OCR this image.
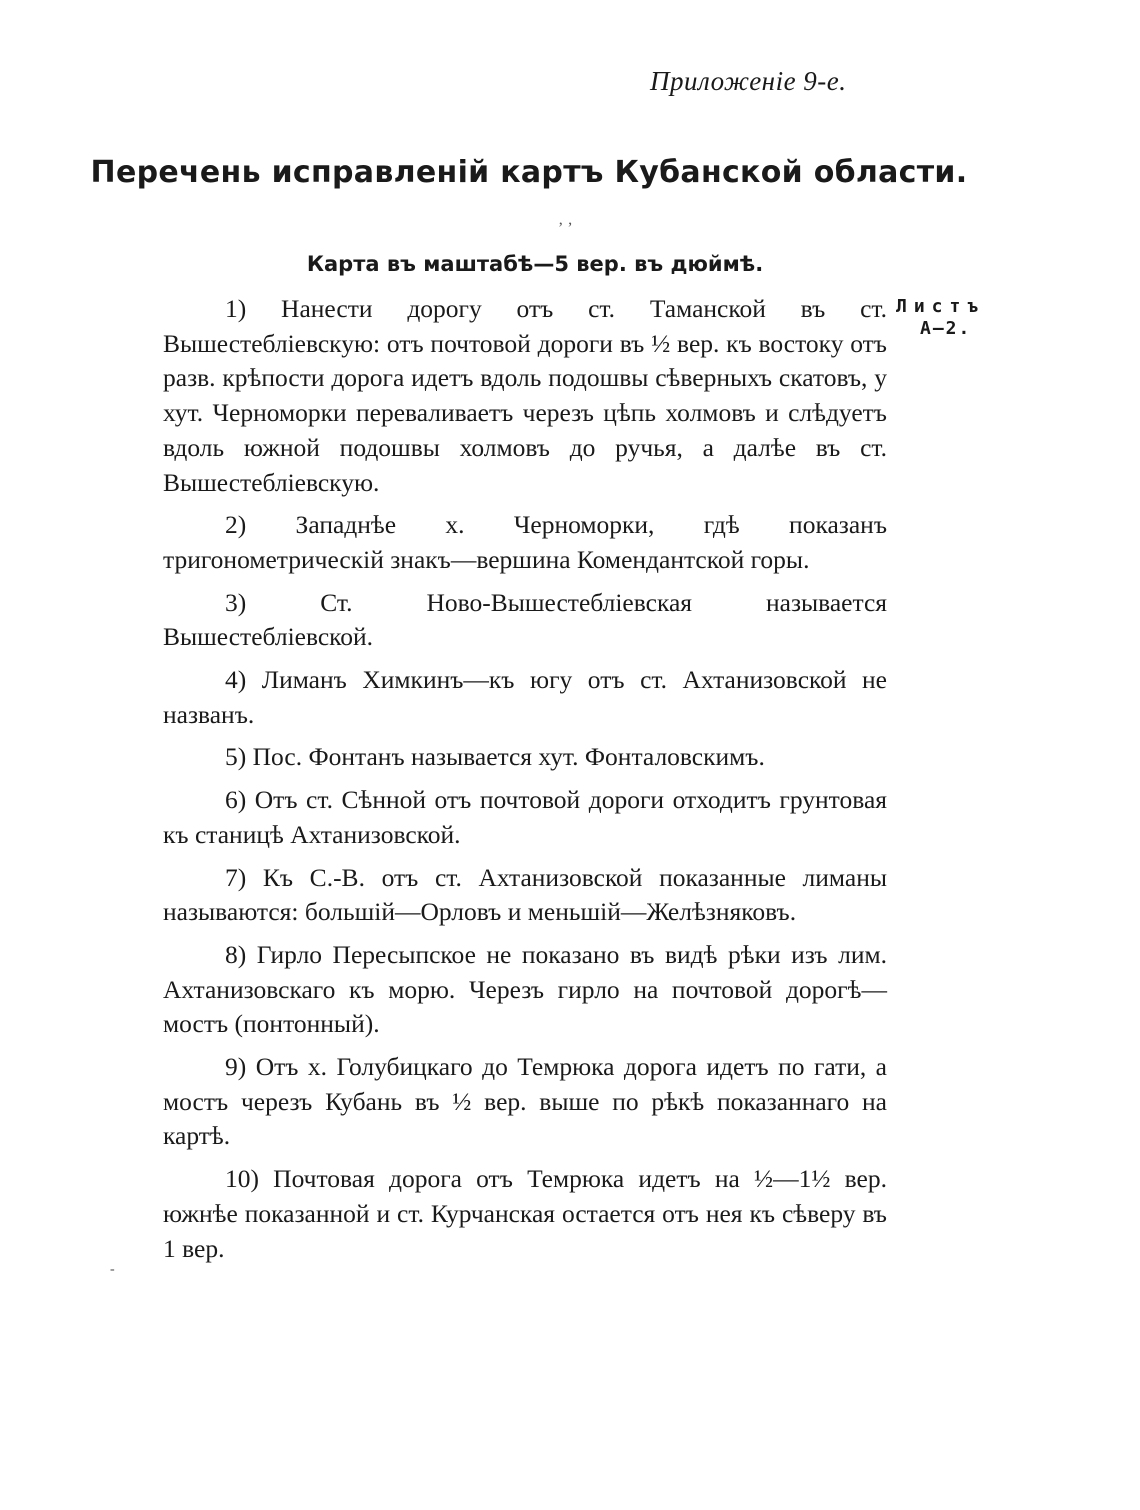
Приложенiе 9-е.
Перечень исправленiй картъ Кубанской области.
‚ ‚
Карта въ маштабѣ—5 вер. въ дюймѣ.
Листъ
А—2.

1) Нанести дорогу отъ ст. Таманской въ ст. Вышестеблiевскую: отъ почтовой дороги въ ½ вер. къ востоку отъ разв. крѣпости дорога идетъ вдоль подошвы сѣверныхъ скатовъ, у хут. Черноморки переваливаетъ черезъ цѣпь холмовъ и слѣдуетъ вдоль южной подошвы холмовъ до ручья, а далѣе въ ст. Вышестеблiевскую.

2) Западнѣе х. Черноморки, гдѣ показанъ тригонометрическiй знакъ—вершина Комендантской горы.

3) Ст. Ново-Вышестеблiевская называется Вышестеблiевской.

4) Лиманъ Химкинъ—къ югу отъ ст. Ахтанизовской не названъ.

5) Пос. Фонтанъ называется хут. Фонталовскимъ.

6) Отъ ст. Сѣнной отъ почтовой дороги отходитъ грунтовая къ станицѣ Ахтанизовской.

7) Къ С.-В. отъ ст. Ахтанизовской показанные лиманы называются: большiй—Орловъ и меньшiй—Желѣзняковъ.

8) Гирло Пересыпское не показано въ видѣ рѣки изъ лим. Ахтанизовскаго къ морю. Черезъ гирло на почтовой дорогѣ—мостъ (понтонный).

9) Отъ х. Голубицкаго до Темрюка дорога идетъ по гати, а мостъ черезъ Кубань въ ½ вер. выше по рѣкѣ показаннаго на картѣ.

10) Почтовая дорога отъ Темрюка идетъ на ½—1½ вер. южнѣе показанной и ст. Курчанская остается отъ нея къ сѣверу въ 1 вер.

-
